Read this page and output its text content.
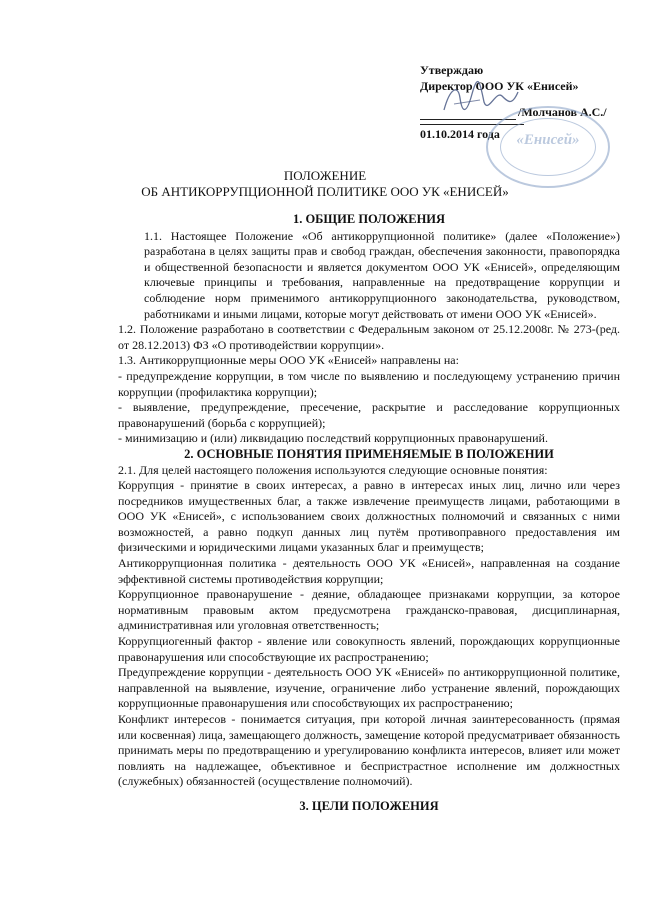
Утверждаю
Директор ООО УК «Енисей»
/Молчанов А.С./
01.10.2014 года	«Енисей»
ПОЛОЖЕНИЕ
ОБ АНТИКОРРУПЦИОННОЙ ПОЛИТИКЕ ООО УК «ЕНИСЕЙ»

1. ОБЩИЕ ПОЛОЖЕНИЯ

1.1. Настоящее Положение «Об антикоррупционной политике» (далее «Положение») разработана в целях защиты прав и свобод граждан, обеспечения законности, правопорядка и общественной безопасности и является документом ООО УК «Енисей», определяющим ключевые принципы и требования, направленные на предотвращение коррупции и соблюдение норм применимого антикоррупционного законодательства, руководством, работниками и иными лицами, которые могут действовать от имени ООО УК «Енисей».

1.2. Положение разработано в соответствии с Федеральным законом от 25.12.2008г. № 273-(ред. от 28.12.2013) ФЗ «О противодействии коррупции».

1.3. Антикоррупционные меры ООО УК «Енисей» направлены на:

- предупреждение коррупции, в том числе по выявлению и последующему устранению причин коррупции (профилактика коррупции);

- выявление, предупреждение, пресечение, раскрытие и расследование коррупционных правонарушений (борьба с коррупцией);

- минимизацию и (или) ликвидацию последствий коррупционных правонарушений.

2. ОСНОВНЫЕ ПОНЯТИЯ ПРИМЕНЯЕМЫЕ В ПОЛОЖЕНИИ

2.1. Для целей настоящего положения используются следующие основные понятия:

Коррупция - принятие в своих интересах, а равно в интересах иных лиц, лично или через посредников имущественных благ, а также извлечение преимуществ лицами, работающими в ООО УК «Енисей», с использованием своих должностных полномочий и связанных с ними возможностей, а равно подкуп данных лиц путём противоправного предоставления им физическими и юридическими лицами указанных благ и преимуществ;

Антикоррупционная политика - деятельность ООО УК «Енисей», направленная на создание эффективной системы противодействия коррупции;

Коррупционное правонарушение - деяние, обладающее признаками коррупции, за которое нормативным правовым актом предусмотрена гражданско-правовая, дисциплинарная, административная или уголовная ответственность;

Коррупциогенный фактор - явление или совокупность явлений, порождающих коррупционные правонарушения или способствующие их распространению;

Предупреждение коррупции - деятельность ООО УК «Енисей» по антикоррупционной политике, направленной на выявление, изучение, ограничение либо устранение явлений, порождающих коррупционные правонарушения или способствующих их распространению;

Конфликт интересов - понимается ситуация, при которой личная заинтересованность (прямая или косвенная) лица, замещающего должность, замещение которой предусматривает обязанность принимать меры по предотвращению и урегулированию конфликта интересов, влияет или может повлиять на надлежащее, объективное и беспристрастное исполнение им должностных (служебных) обязанностей (осуществление полномочий).

3. ЦЕЛИ ПОЛОЖЕНИЯ
